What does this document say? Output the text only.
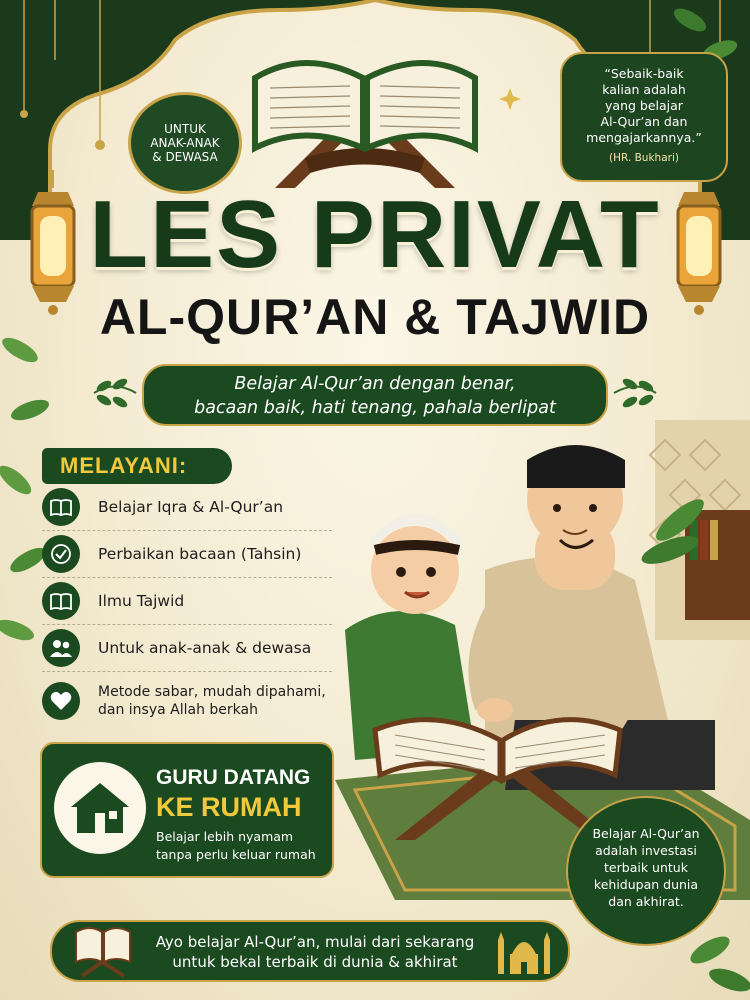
UNTUK
ANAK-ANAK
& DEWASA
“Sebaik-baik
kalian adalah
yang belajar
Al-Qur’an dan
mengajarkannya.”
(HR. Bukhari)
LES PRIVAT
AL-QUR’AN & TAJWID
Belajar Al-Qur’an dengan benar,
bacaan baik, hati tenang, pahala berlipat
MELAYANI:
Belajar Iqra & Al-Qur’an
Perbaikan bacaan (Tahsin)
Ilmu Tajwid
Untuk anak-anak & dewasa
Metode sabar, mudah dipahami,
dan insya Allah berkah
GURU DATANG
KE RUMAH
Belajar lebih nyamam
tanpa perlu keluar rumah
Belajar Al-Qur’an
adalah investasi
terbaik untuk
kehidupan dunia
dan akhirat.
Ayo belajar Al-Qur’an, mulai dari sekarang
untuk bekal terbaik di dunia & akhirat
